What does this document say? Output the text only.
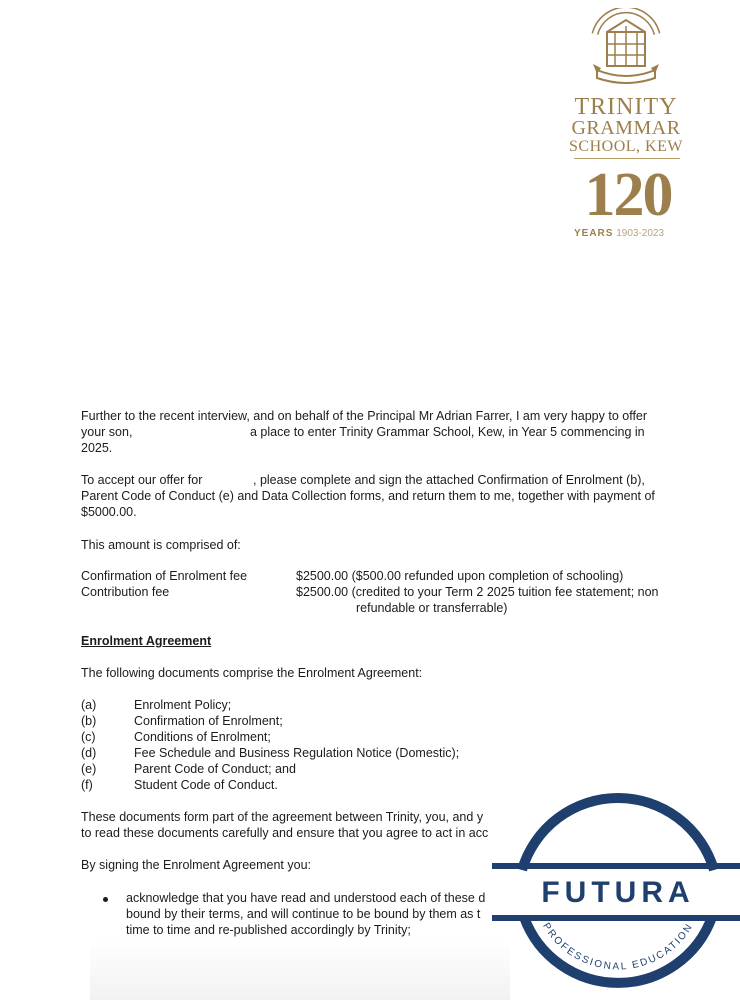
TRINITY
GRAMMAR
SCHOOL, KEW
120
YEARS 1903-2023
Further to the recent interview, and on behalf of the Principal Mr Adrian Farrer, I am very happy to offer
your son,	a place to enter Trinity Grammar School, Kew, in Year 5 commencing in
2025.
To accept our offer for	, please complete and sign the attached Confirmation of Enrolment (b),
Parent Code of Conduct (e) and Data Collection forms, and return them to me, together with payment of
$5000.00.
This amount is comprised of:
Confirmation of Enrolment fee	$2500.00 ($500.00 refunded upon completion of schooling)
Contribution fee	$2500.00 (credited to your Term 2 2025 tuition fee statement; non
refundable or transferrable)
Enrolment Agreement
The following documents comprise the Enrolment Agreement:
(a)	Enrolment Policy;
(b)	Confirmation of Enrolment;
(c)	Conditions of Enrolment;
(d)	Fee Schedule and Business Regulation Notice (Domestic);
(e)	Parent Code of Conduct; and
(f)	Student Code of Conduct.
These documents form part of the agreement between Trinity, you, and y
to read these documents carefully and ensure that you agree to act in acc
By signing the Enrolment Agreement you:
acknowledge that you have read and understood each of these d
bound by their terms, and will continue to be bound by them as t
time to time and re-published accordingly by Trinity;
FUTURA
PROFESSIONAL EDUCATION
